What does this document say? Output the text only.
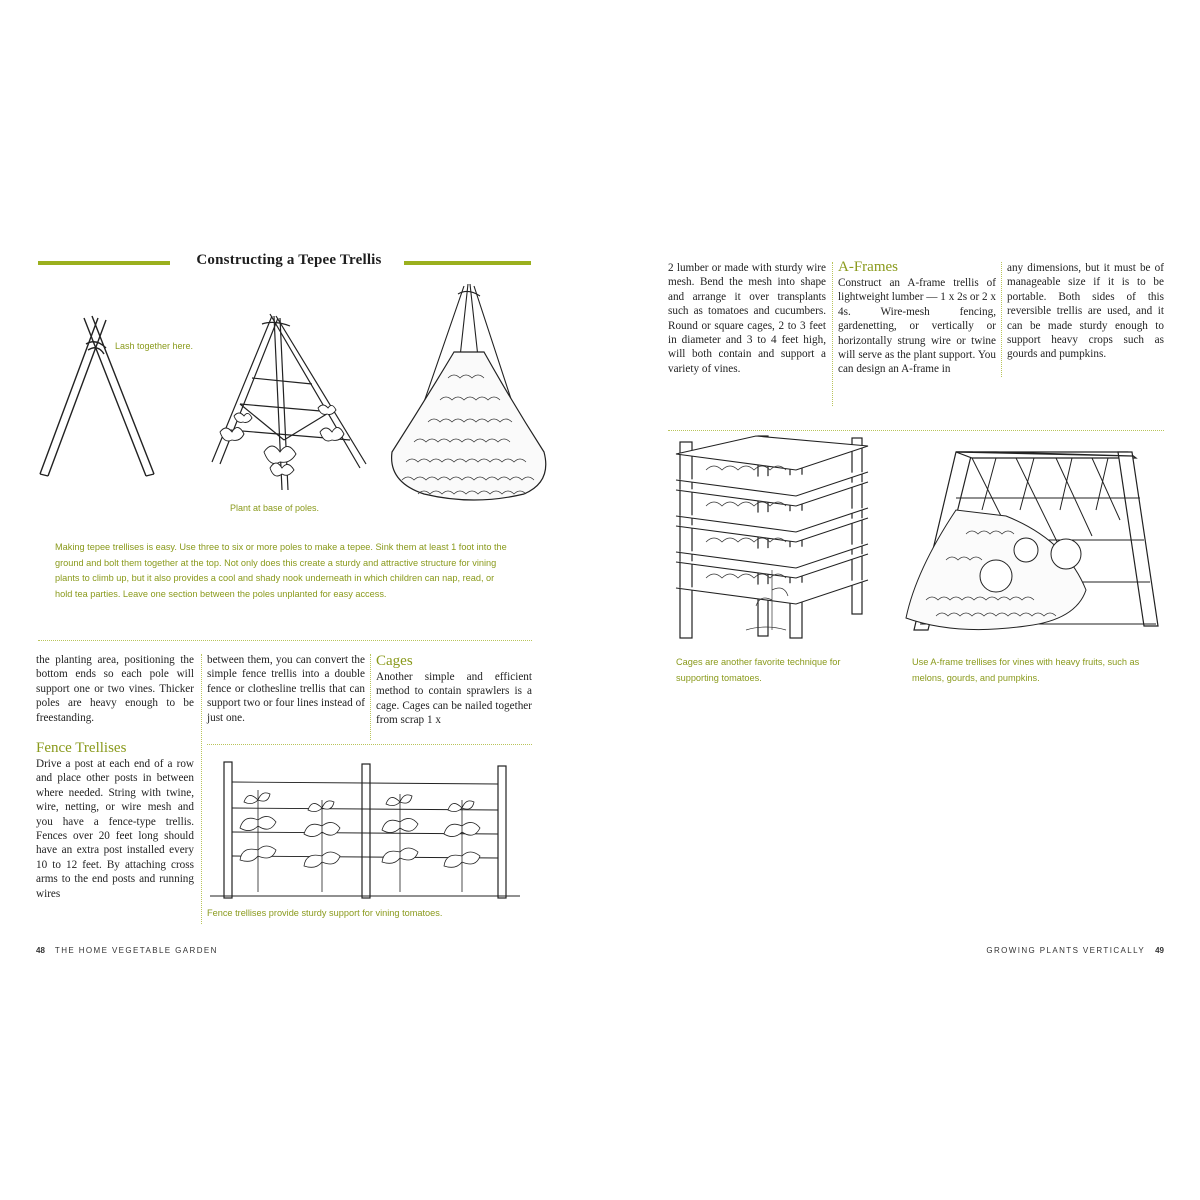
Constructing a Tepee Trellis
Lash together here.
Plant at base of poles.
Making tepee trellises is easy. Use three to six or more poles to make a tepee. Sink them at least 1 foot into the ground and bolt them together at the top. Not only does this create a sturdy and attractive structure for vining plants to climb up, but it also provides a cool and shady nook underneath in which children can nap, read, or hold tea parties. Leave one section between the poles unplanted for easy access.
the planting area, positioning the bottom ends so each pole will support one or two vines. Thicker poles are heavy enough to be freestanding.
Fence Trellises
Drive a post at each end of a row and place other posts in between where needed. String with twine, wire, netting, or wire mesh and you have a fence-type trellis. Fences over 20 feet long should have an extra post installed every 10 to 12 feet. By attaching cross arms to the end posts and running wires
between them, you can convert the simple fence trellis into a double fence or clothesline trellis that can support two or four lines instead of just one.
Cages
Another simple and efficient method to contain sprawlers is a cage. Cages can be nailed together from scrap 1 x
Fence trellises provide sturdy support for vining tomatoes.
48 THE HOME VEGETABLE GARDEN
2 lumber or made with sturdy wire mesh. Bend the mesh into shape and arrange it over transplants such as tomatoes and cucumbers. Round or square cages, 2 to 3 feet in diameter and 3 to 4 feet high, will both contain and support a variety of vines.
A-Frames
Construct an A-frame trellis of lightweight lumber — 1 x 2s or 2 x 4s. Wire-mesh fencing, gardenetting, or vertically or horizontally strung wire or twine will serve as the plant support. You can design an A-frame in
any dimensions, but it must be of manageable size if it is to be portable. Both sides of this reversible trellis are used, and it can be made sturdy enough to support heavy crops such as gourds and pumpkins.
Cages are another favorite technique for supporting tomatoes.
Use A-frame trellises for vines with heavy fruits, such as melons, gourds, and pumpkins.
GROWING PLANTS VERTICALLY 49
